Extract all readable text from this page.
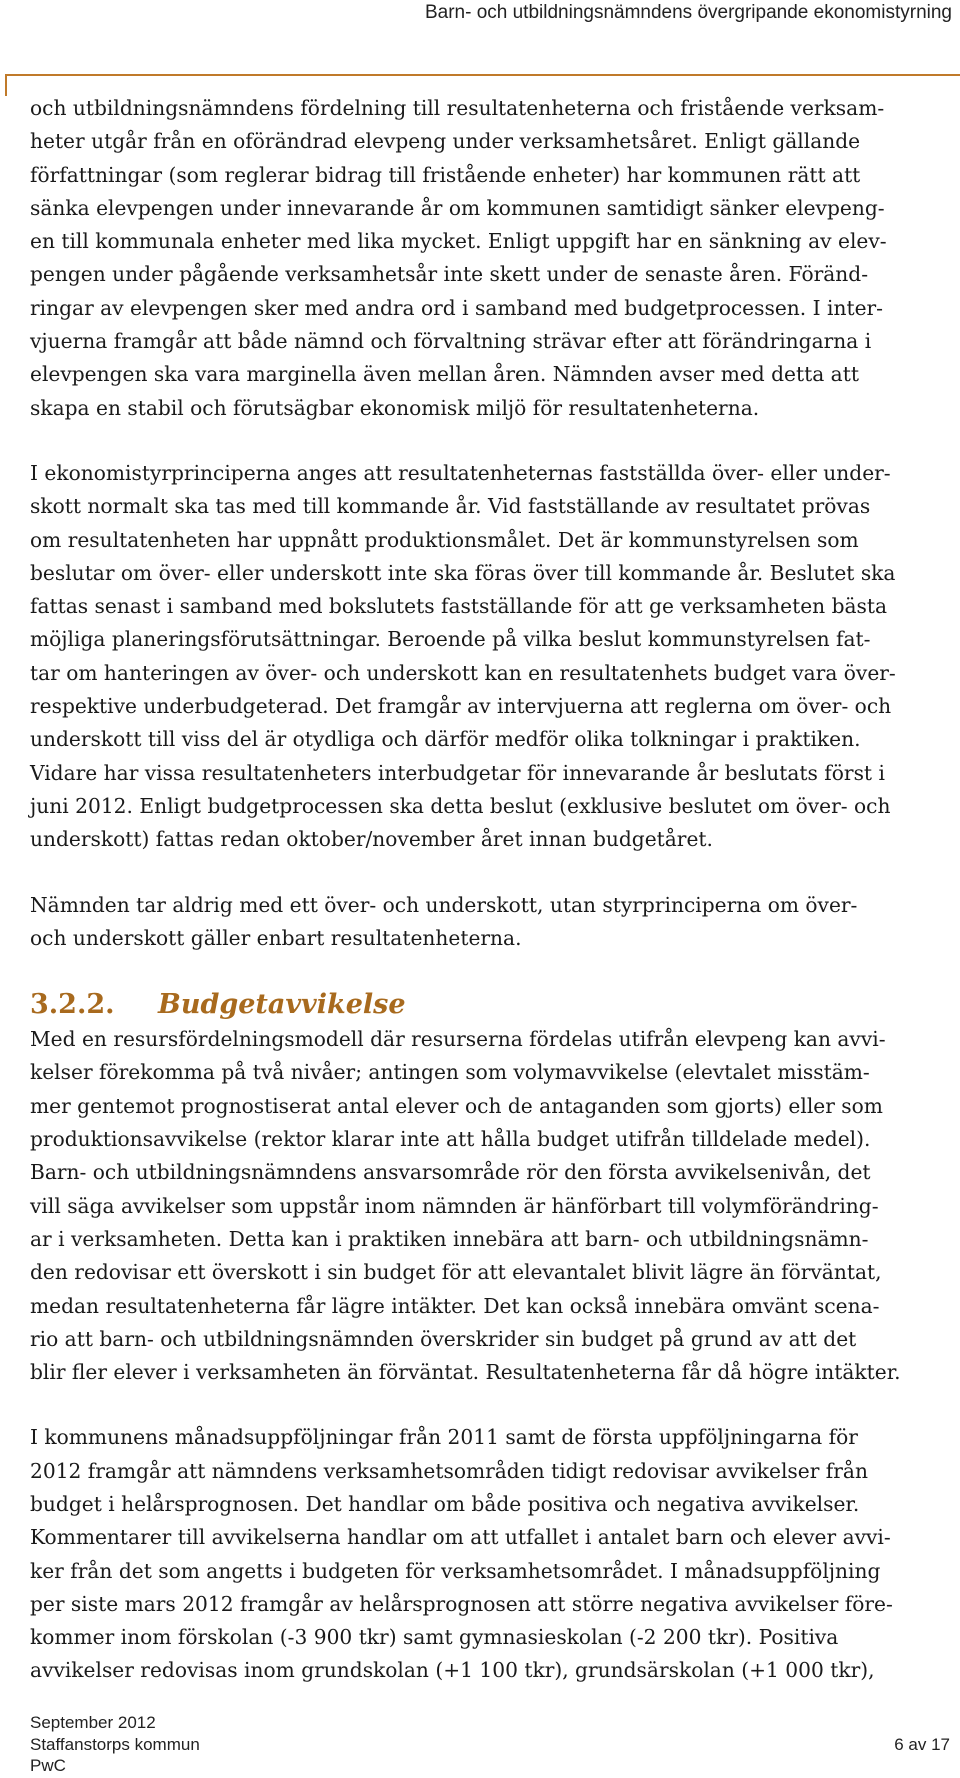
Barn- och utbildningsnämndens övergripande ekonomistyrning

och utbildningsnämndens fördelning till resultatenheterna och fristående verksam-
heter utgår från en oförändrad elevpeng under verksamhetsåret. Enligt gällande
författningar (som reglerar bidrag till fristående enheter) har kommunen rätt att
sänka elevpengen under innevarande år om kommunen samtidigt sänker elevpeng-
en till kommunala enheter med lika mycket. Enligt uppgift har en sänkning av elev-
pengen under pågående verksamhetsår inte skett under de senaste åren. Föränd-
ringar av elevpengen sker med andra ord i samband med budgetprocessen. I inter-
vjuerna framgår att både nämnd och förvaltning strävar efter att förändringarna i
elevpengen ska vara marginella även mellan åren. Nämnden avser med detta att
skapa en stabil och förutsägbar ekonomisk miljö för resultatenheterna.

I ekonomistyrprinciperna anges att resultatenheternas fastställda över- eller under-
skott normalt ska tas med till kommande år. Vid fastställande av resultatet prövas
om resultatenheten har uppnått produktionsmålet. Det är kommunstyrelsen som
beslutar om över- eller underskott inte ska föras över till kommande år. Beslutet ska
fattas senast i samband med bokslutets fastställande för att ge verksamheten bästa
möjliga planeringsförutsättningar. Beroende på vilka beslut kommunstyrelsen fat-
tar om hanteringen av över- och underskott kan en resultatenhets budget vara över-
respektive underbudgeterad. Det framgår av intervjuerna att reglerna om över- och
underskott till viss del är otydliga och därför medför olika tolkningar i praktiken.
Vidare har vissa resultatenheters interbudgetar för innevarande år beslutats först i
juni 2012. Enligt budgetprocessen ska detta beslut (exklusive beslutet om över- och
underskott) fattas redan oktober/november året innan budgetåret.

Nämnden tar aldrig med ett över- och underskott, utan styrprinciperna om över-
och underskott gäller enbart resultatenheterna.

3.2.2. Budgetavvikelse

Med en resursfördelningsmodell där resurserna fördelas utifrån elevpeng kan avvi-
kelser förekomma på två nivåer; antingen som volymavvikelse (elevtalet misstäm-
mer gentemot prognostiserat antal elever och de antaganden som gjorts) eller som
produktionsavvikelse (rektor klarar inte att hålla budget utifrån tilldelade medel).
Barn- och utbildningsnämndens ansvarsområde rör den första avvikelsenivån, det
vill säga avvikelser som uppstår inom nämnden är hänförbart till volymförändring-
ar i verksamheten. Detta kan i praktiken innebära att barn- och utbildningsnämn-
den redovisar ett överskott i sin budget för att elevantalet blivit lägre än förväntat,
medan resultatenheterna får lägre intäkter. Det kan också innebära omvänt scena-
rio att barn- och utbildningsnämnden överskrider sin budget på grund av att det
blir fler elever i verksamheten än förväntat. Resultatenheterna får då högre intäkter.

I kommunens månadsuppföljningar från 2011 samt de första uppföljningarna för
2012 framgår att nämndens verksamhetsområden tidigt redovisar avvikelser från
budget i helårsprognosen. Det handlar om både positiva och negativa avvikelser.
Kommentarer till avvikelserna handlar om att utfallet i antalet barn och elever avvi-
ker från det som angetts i budgeten för verksamhetsområdet. I månadsuppföljning
per siste mars 2012 framgår av helårsprognosen att större negativa avvikelser före-
kommer inom förskolan (-3 900 tkr) samt gymnasieskolan (-2 200 tkr). Positiva
avvikelser redovisas inom grundskolan (+1 100 tkr), grundsärskolan (+1 000 tkr),

September 2012
Staffanstorps kommun
PwC
6 av 17
